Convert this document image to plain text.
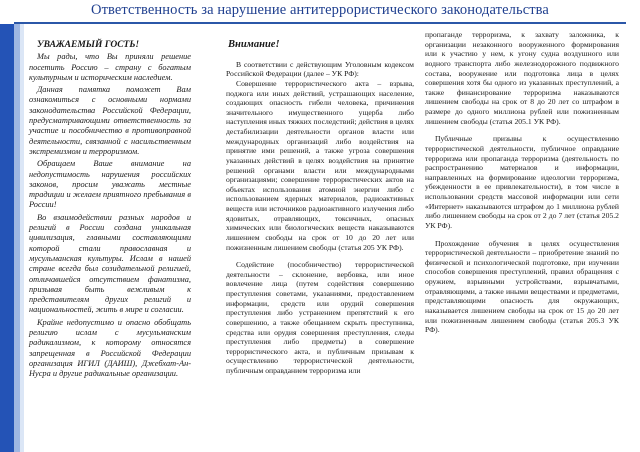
Ответственность за нарушение антитеррористического законодательства
УВАЖАЕМЫЙ ГОСТЬ!

Мы рады, что Вы приняли решение посетить Россию – страну с богатым культурным и историческим наследием.

Данная памятка поможет Вам ознакомиться с основными нормами законодательства Российской Федерации, предусматривающими ответственность за участие и пособничество в противоправной деятельности, связанной с насильственным экстремизмом и терроризмом.

Обращаем Ваше внимание на недопустимость нарушения российских законов, просим уважать местные традиции и желаем приятного пребывания в России!

Во взаимодействии разных народов и религий в России создана уникальная цивилизация, главными составляющими которой стали православная и мусульманская культуры. Ислам в нашей стране всегда был созидательной религией, отличавшейся отсутствием фанатизма, призывая быть вежливым к представителям других религий и национальностей, жить в мире и согласии.

Крайне недопустимо и опасно обобщать религию ислам с мусульманским радикализмом, к которому относятся запрещенная в Российской Федерации организация ИГИЛ (ДАИШ), Джебхат-Ан-Нусра и другие радикальные организации.

Внимание!

В соответствии с действующим Уголовным кодексом Российской Федерации (далее – УК РФ):

Совершение террористического акта – взрыва, поджога или иных действий, устрашающих население, создающих опасность гибели человека, причинения значительного имущественного ущерба либо наступления иных тяжких последствий; действия в целях дестабилизации деятельности органов власти или международных организаций либо воздействия на принятие ими решений, а также угроза совершения указанных действий в целях воздействия на принятие решений органами власти или международными организациями; совершение террористических актов на объектах использования атомной энергии либо с использованием ядерных материалов, радиоактивных веществ или источников радиоактивного излучения либо ядовитых, отравляющих, токсичных, опасных химических или биологических веществ наказываются лишением свободы на срок от 10 до 20 лет или пожизненным лишением свободы (статья 205 УК РФ).

Содействие (пособничество) террористической деятельности – склонение, вербовка, или иное вовлечение лица (путем содействия совершению преступления советами, указаниями, предоставлением информации, средств или орудий совершения преступления либо устранением препятствий к его совершению, а также обещанием скрыть преступника, средства или орудия совершения преступления, следы преступления либо предметы) в совершение террористического акта, и публичным призывам к осуществлению террористической деятельности, публичным оправданием терроризма или

пропаганде терроризма, к захвату заложника, к организации незаконного вооруженного формирования или к участию у нем, к угону судна воздушного или водного транспорта либо железнодорожного подвижного состава, вооружение или подготовка лица в целях совершения хотя бы одного из указанных преступлений, а также финансирование терроризма наказываются лишением свободы на срок от 8 до 20 лет со штрафом в размере до одного миллиона рублей или пожизненным лишением свободы (статья 205.1 УК РФ).

Публичные призывы к осуществлению террористической деятельности, публичное оправдание терроризма или пропаганда терроризма (деятельность по распространению материалов и информации, направленных на формирование идеологии терроризма, убежденности в ее привлекательности), в том числе в использовании средств массовой информации или сети «Интернет» наказываются штрафом до 1 миллиона рублей либо лишением свободы на срок от 2 до 7 лет (статья 205.2 УК РФ).

Прохождение обучения в целях осуществления террористической деятельности – приобретение знаний по физической и психологической подготовке, при изучении способов совершения преступлений, правил обращения с оружием, взрывными устройствами, взрывчатыми, отравляющими, а также иными веществами и предметами, представляющими опасность для окружающих, наказывается лишением свободы на срок от 15 до 20 лет или пожизненным лишением свободы (статья 205.3 УК РФ).
